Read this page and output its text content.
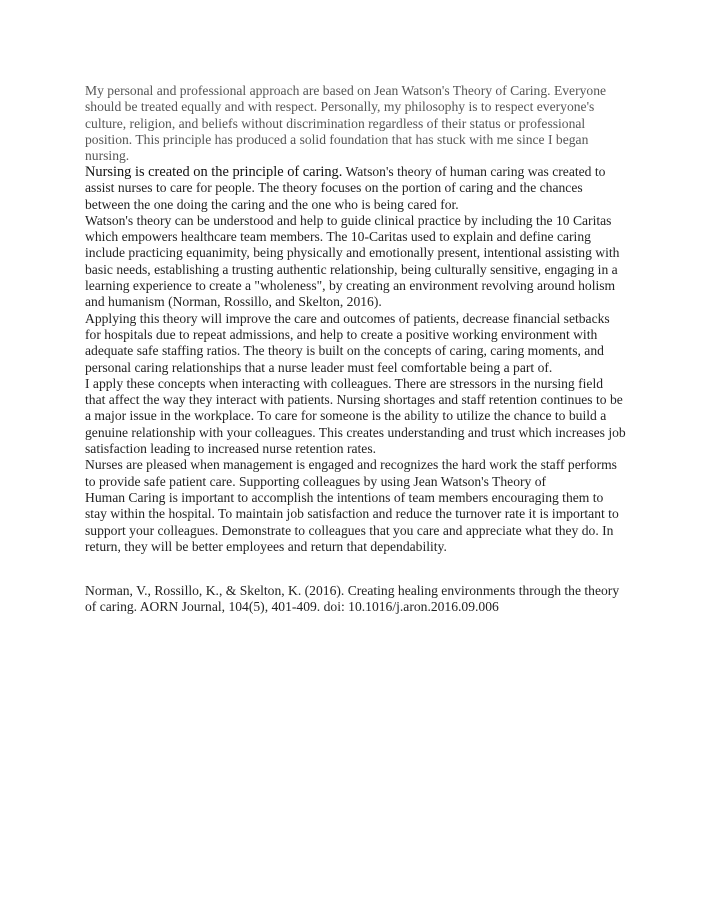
My personal and professional approach are based on Jean Watson's Theory of Caring. Everyone
should be treated equally and with respect. Personally, my philosophy is to respect everyone's
culture, religion, and beliefs without discrimination regardless of their status or professional
position. This principle has produced a solid foundation that has stuck with me since I began
nursing.

Nursing is created on the principle of caring. Watson's theory of human caring was created to
assist nurses to care for people. The theory focuses on the portion of caring and the chances
between the one doing the caring and the one who is being cared for.

Watson's theory can be understood and help to guide clinical practice by including the 10 Caritas
which empowers healthcare team members. The 10-Caritas used to explain and define caring
include practicing equanimity, being physically and emotionally present, intentional assisting with
basic needs, establishing a trusting authentic relationship, being culturally sensitive, engaging in a
learning experience to create a "wholeness", by creating an environment revolving around holism
and humanism (Norman, Rossillo, and Skelton, 2016).

Applying this theory will improve the care and outcomes of patients, decrease financial setbacks
for hospitals due to repeat admissions, and help to create a positive working environment with
adequate safe staffing ratios. The theory is built on the concepts of caring, caring moments, and
personal caring relationships that a nurse leader must feel comfortable being a part of.

I apply these concepts when interacting with colleagues. There are stressors in the nursing field
that affect the way they interact with patients. Nursing shortages and staff retention continues to be
a major issue in the workplace. To care for someone is the ability to utilize the chance to build a
genuine relationship with your colleagues. This creates understanding and trust which increases job
satisfaction leading to increased nurse retention rates.

Nurses are pleased when management is engaged and recognizes the hard work the staff performs
to provide safe patient care. Supporting colleagues by using Jean Watson's Theory of
Human Caring is important to accomplish the intentions of team members encouraging them to
stay within the hospital. To maintain job satisfaction and reduce the turnover rate it is important to
support your colleagues. Demonstrate to colleagues that you care and appreciate what they do. In
return, they will be better employees and return that dependability.

Norman, V., Rossillo, K., & Skelton, K. (2016). Creating healing environments through the theory
of caring. AORN Journal, 104(5), 401-409. doi: 10.1016/j.aron.2016.09.006
